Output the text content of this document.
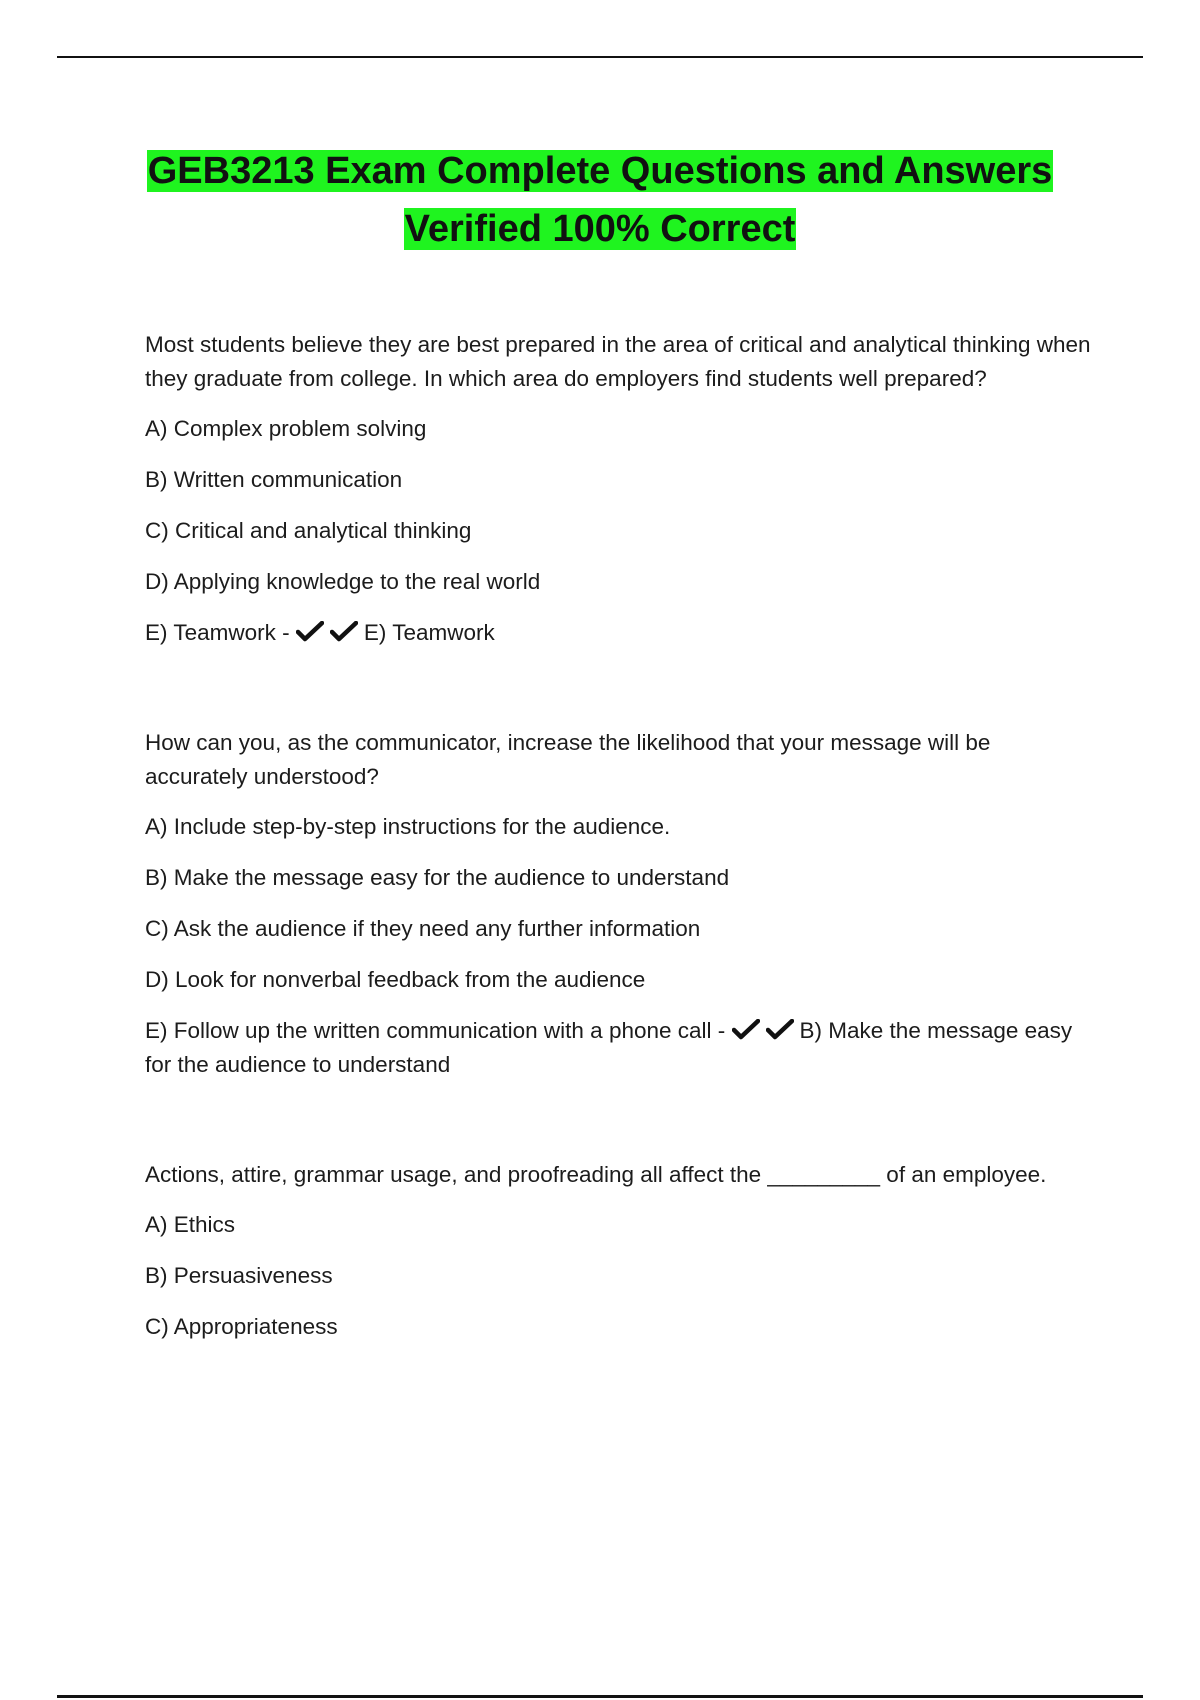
GEB3213 Exam Complete Questions and Answers
Verified 100% Correct

Most students believe they are best prepared in the area of critical and analytical thinking when they graduate from college. In which area do employers find students well prepared?

A) Complex problem solving

B) Written communication

C) Critical and analytical thinking

D) Applying knowledge to the real world

E) Teamwork -	E) Teamwork

How can you, as the communicator, increase the likelihood that your message will be accurately understood?

A) Include step-by-step instructions for the audience.

B) Make the message easy for the audience to understand

C) Ask the audience if they need any further information

D) Look for nonverbal feedback from the audience

E) Follow up the written communication with a phone call -	B) Make the message easy for the audience to understand

Actions, attire, grammar usage, and proofreading all affect the _________ of an employee.

A) Ethics

B) Persuasiveness

C) Appropriateness
